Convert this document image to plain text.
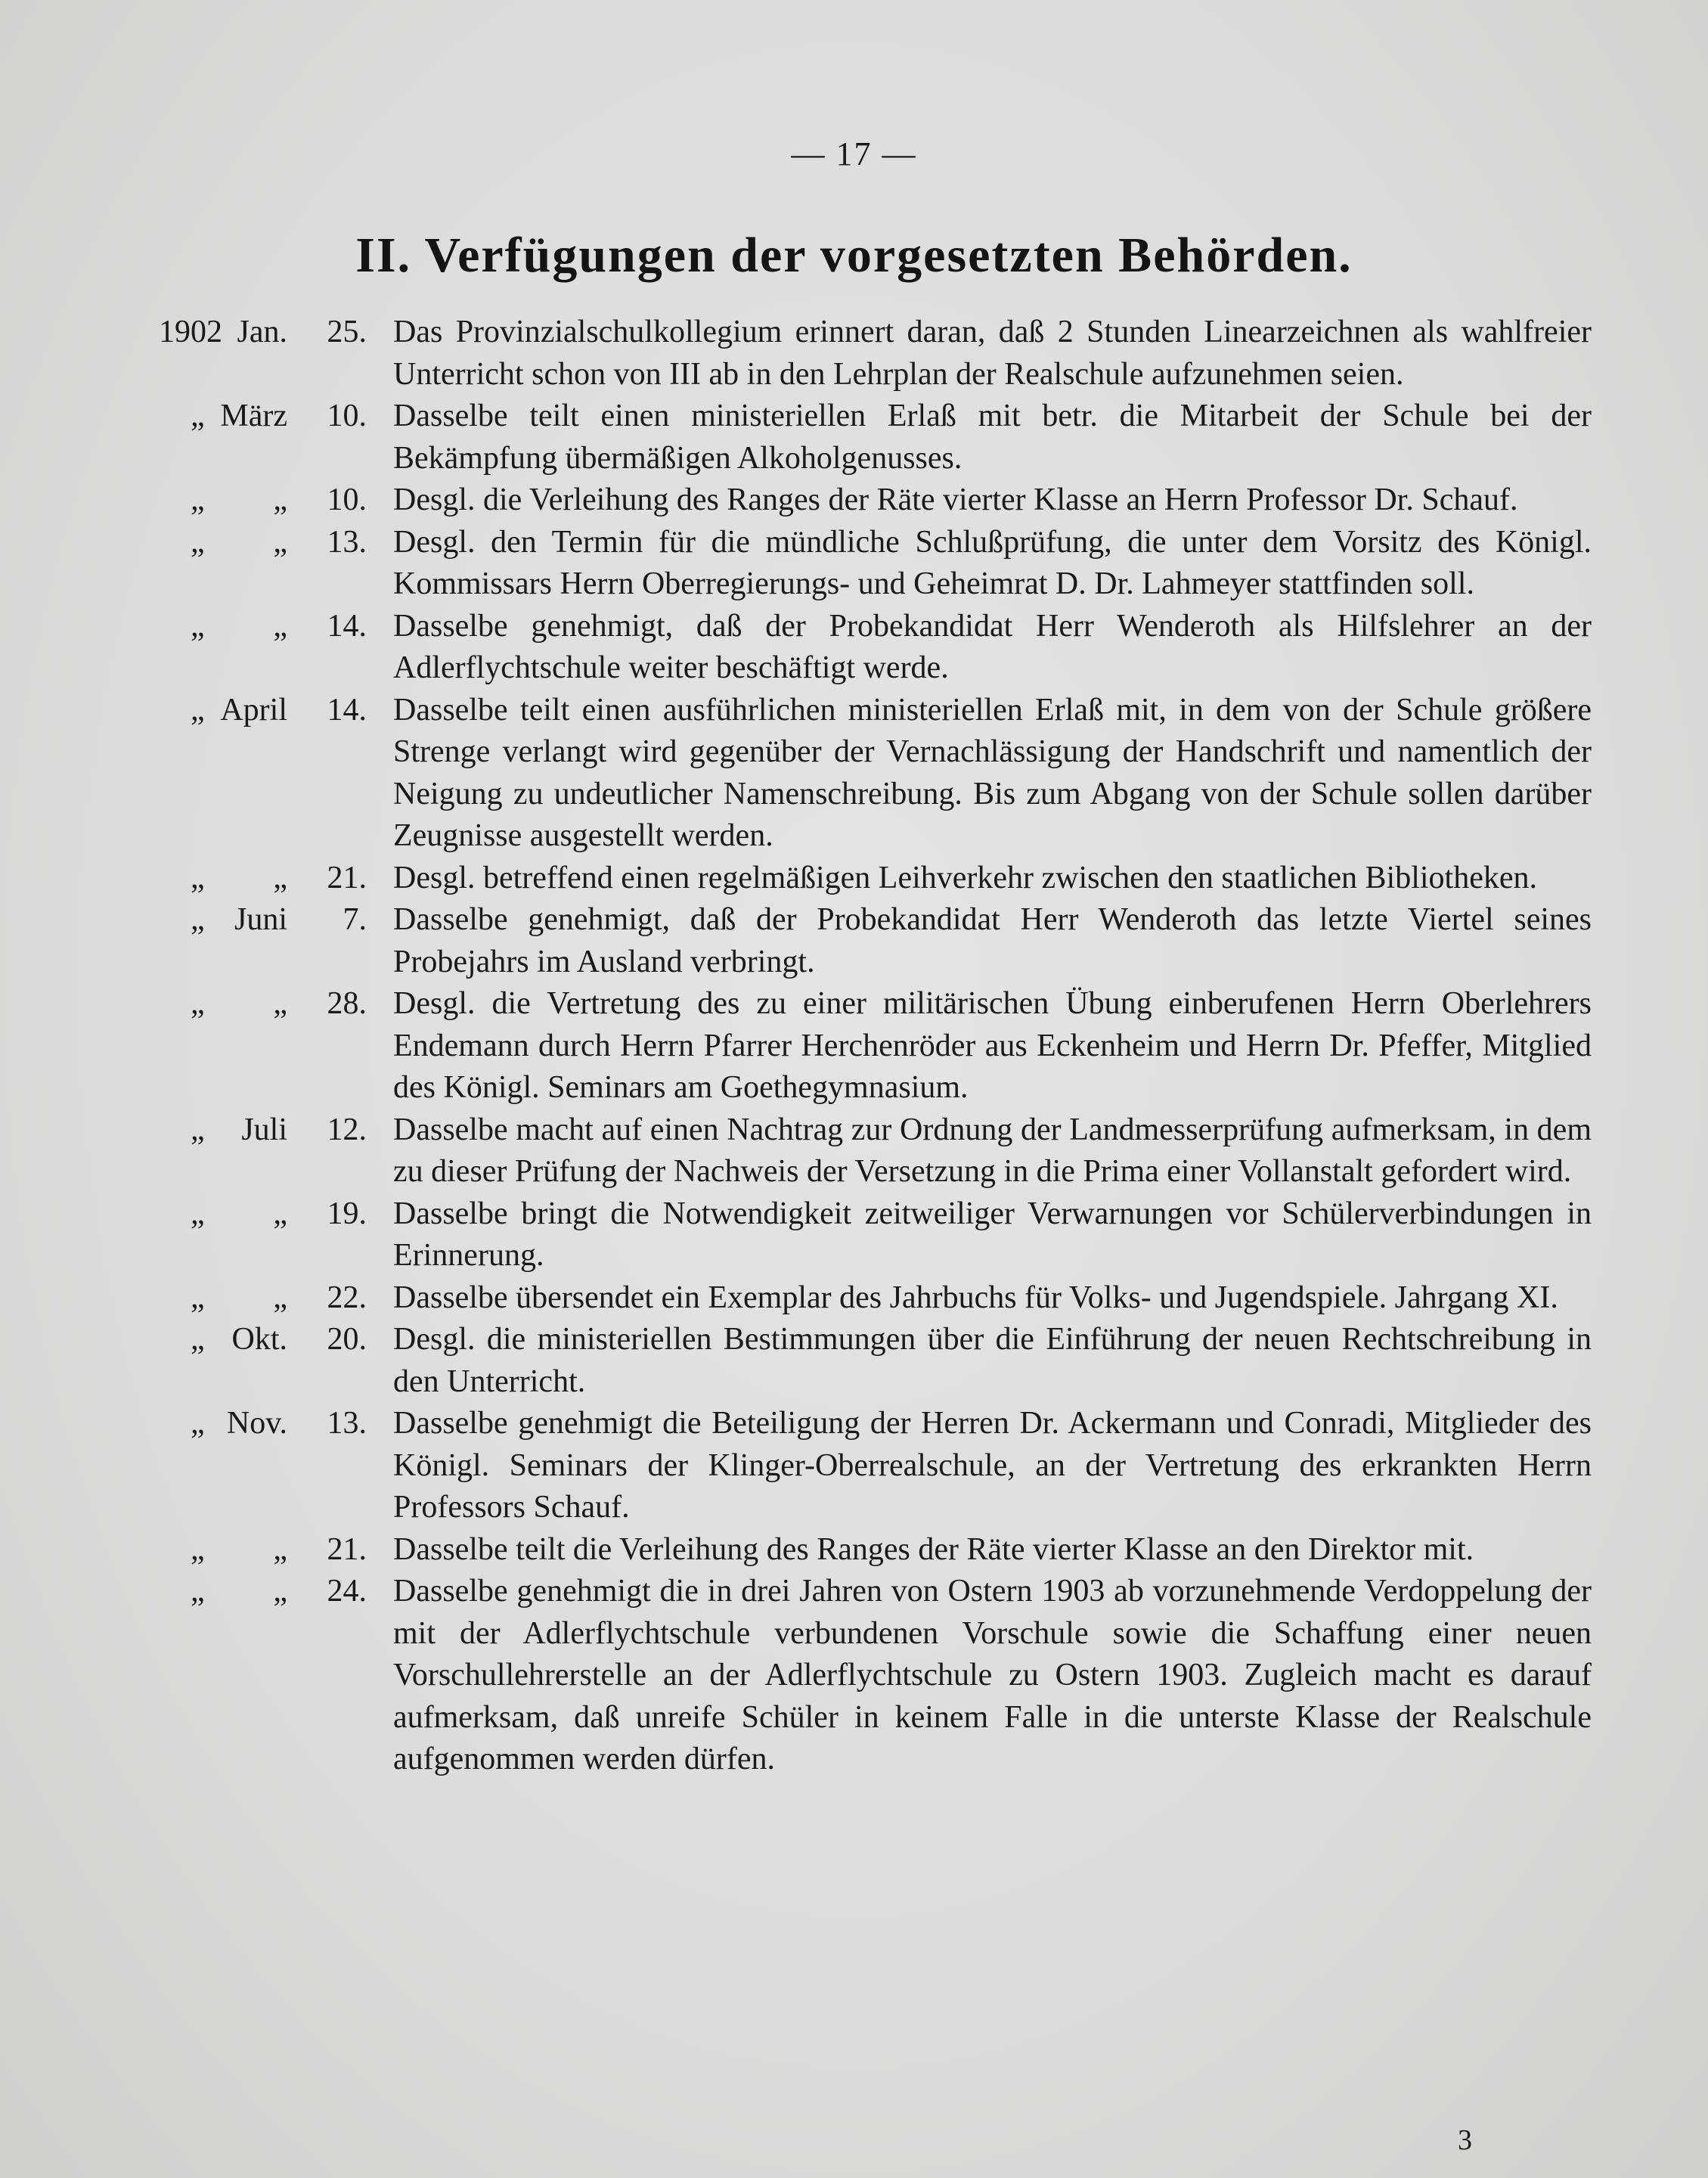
— 17 —
II. Verfügungen der vorgesetzten Behörden.
1902 Jan. 25. Das Provinzialschulkollegium erinnert daran, daß 2 Stunden Linearzeichnen als wahlfreier Unterricht schon von III ab in den Lehrplan der Realschule aufzunehmen seien.
„ März 10. Dasselbe teilt einen ministeriellen Erlaß mit betr. die Mitarbeit der Schule bei der Bekämpfung übermäßigen Alkoholgenusses.
„ „ 10. Desgl. die Verleihung des Ranges der Räte vierter Klasse an Herrn Professor Dr. Schauf.
„ „ 13. Desgl. den Termin für die mündliche Schlußprüfung, die unter dem Vorsitz des Königl. Kommissars Herrn Oberregierungs- und Geheimrat D. Dr. Lahmeyer stattfinden soll.
„ „ 14. Dasselbe genehmigt, daß der Probekandidat Herr Wenderoth als Hilfslehrer an der Adlerflychtschule weiter beschäftigt werde.
„ April 14. Dasselbe teilt einen ausführlichen ministeriellen Erlaß mit, in dem von der Schule größere Strenge verlangt wird gegenüber der Vernachlässigung der Handschrift und namentlich der Neigung zu undeutlicher Namenschreibung. Bis zum Abgang von der Schule sollen darüber Zeugnisse ausgestellt werden.
„ „ 21. Desgl. betreffend einen regelmäßigen Leihverkehr zwischen den staatlichen Bibliotheken.
„ Juni 7. Dasselbe genehmigt, daß der Probekandidat Herr Wenderoth das letzte Viertel seines Probejahrs im Ausland verbringt.
„ „ 28. Desgl. die Vertretung des zu einer militärischen Übung einberufenen Herrn Oberlehrers Endemann durch Herrn Pfarrer Herchenröder aus Eckenheim und Herrn Dr. Pfeffer, Mitglied des Königl. Seminars am Goethegymnasium.
„ Juli 12. Dasselbe macht auf einen Nachtrag zur Ordnung der Landmesserprüfung aufmerksam, in dem zu dieser Prüfung der Nachweis der Versetzung in die Prima einer Vollanstalt gefordert wird.
„ „ 19. Dasselbe bringt die Notwendigkeit zeitweiliger Verwarnungen vor Schülerverbindungen in Erinnerung.
„ „ 22. Dasselbe übersendet ein Exemplar des Jahrbuchs für Volks- und Jugendspiele. Jahrgang XI.
„ Okt. 20. Desgl. die ministeriellen Bestimmungen über die Einführung der neuen Rechtschreibung in den Unterricht.
„ Nov. 13. Dasselbe genehmigt die Beteiligung der Herren Dr. Ackermann und Conradi, Mitglieder des Königl. Seminars der Klinger-Oberrealschule, an der Vertretung des erkrankten Herrn Professors Schauf.
„ „ 21. Dasselbe teilt die Verleihung des Ranges der Räte vierter Klasse an den Direktor mit.
„ „ 24. Dasselbe genehmigt die in drei Jahren von Ostern 1903 ab vorzunehmende Verdoppelung der mit der Adlerflychtschule verbundenen Vorschule sowie die Schaffung einer neuen Vorschullehrerstelle an der Adlerflychtschule zu Ostern 1903. Zugleich macht es darauf aufmerksam, daß unreife Schüler in keinem Falle in die unterste Klasse der Realschule aufgenommen werden dürfen.
3
